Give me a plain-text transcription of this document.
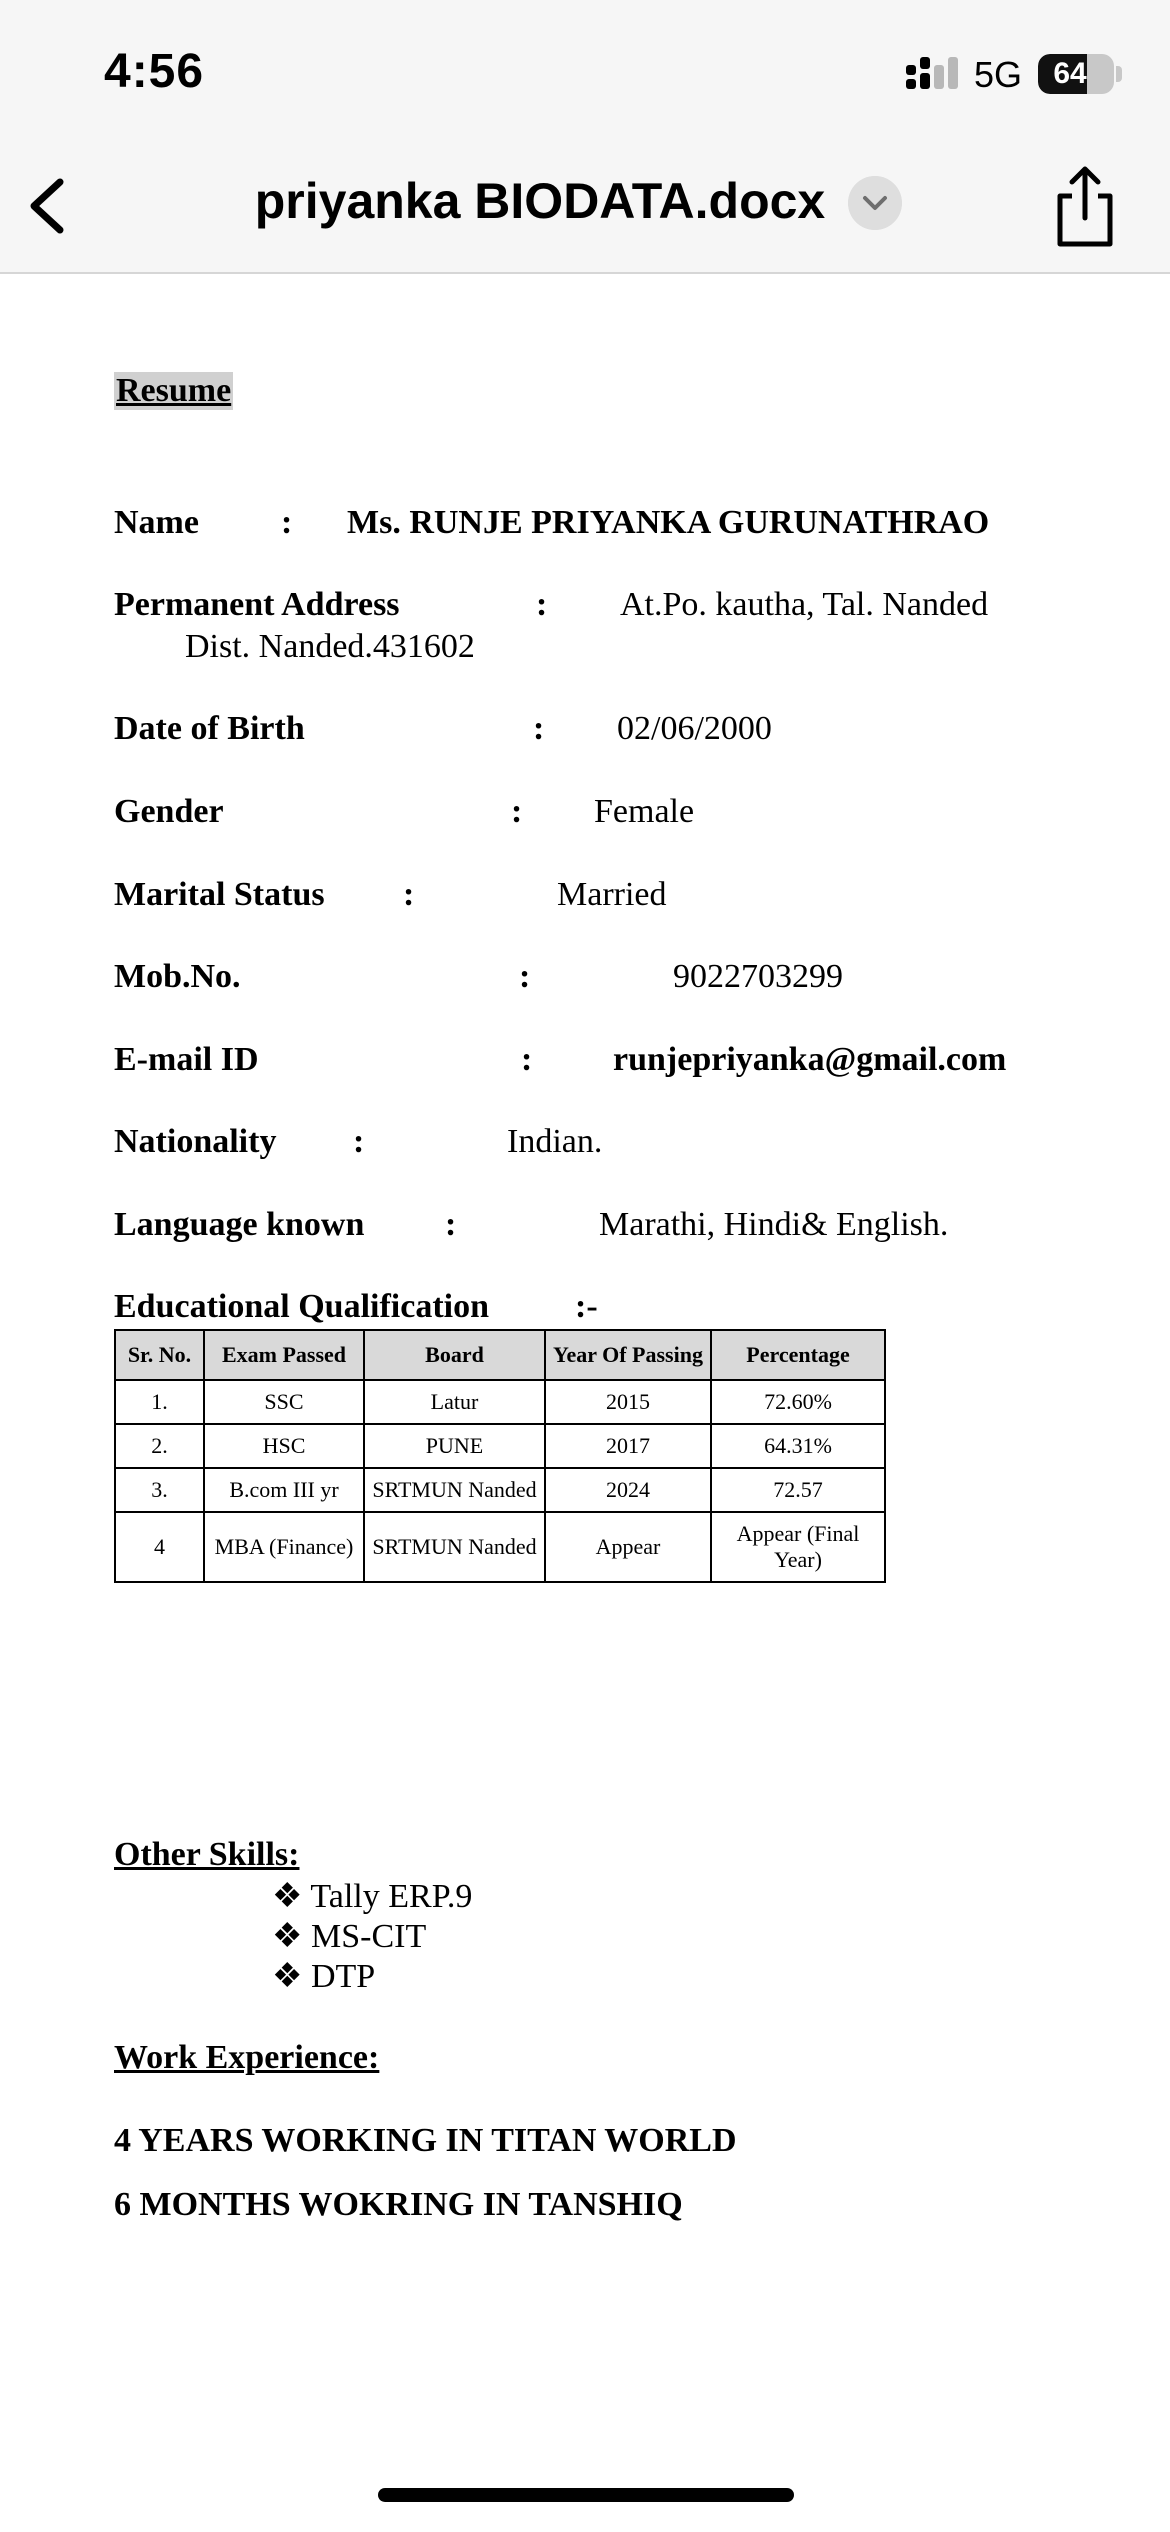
4:56	5G	64
priyanka BIODATA.docx
Resume
Name : Ms. RUNJE PRIYANKA GURUNATHRAO
Permanent Address	: At.Po. kautha, Tal. Nanded
Dist. Nanded.431602
Date of Birth	: 02/06/2000
Gender	: Female
Marital Status :	Married
Mob.No.	:	9022703299
E-mail ID	: runjepriyanka@gmail.com
Nationality :	Indian.
Language known :	Marathi, Hindi& English.
Educational Qualification	:-
Sr. No.	Exam Passed	Board	Year Of Passing	Percentage
1.	SSC	Latur	2015	72.60%
2.	HSC	PUNE	2017	64.31%
3.	B.com III yr	SRTMUN Nanded	2024	72.57
4	MBA (Finance)	SRTMUN Nanded	Appear	Appear (Final Year)
Other Skills:
❖ Tally ERP.9
❖ MS-CIT
❖ DTP
Work Experience:
4 YEARS WORKING IN TITAN WORLD
6 MONTHS WOKRING IN TANSHIQ
